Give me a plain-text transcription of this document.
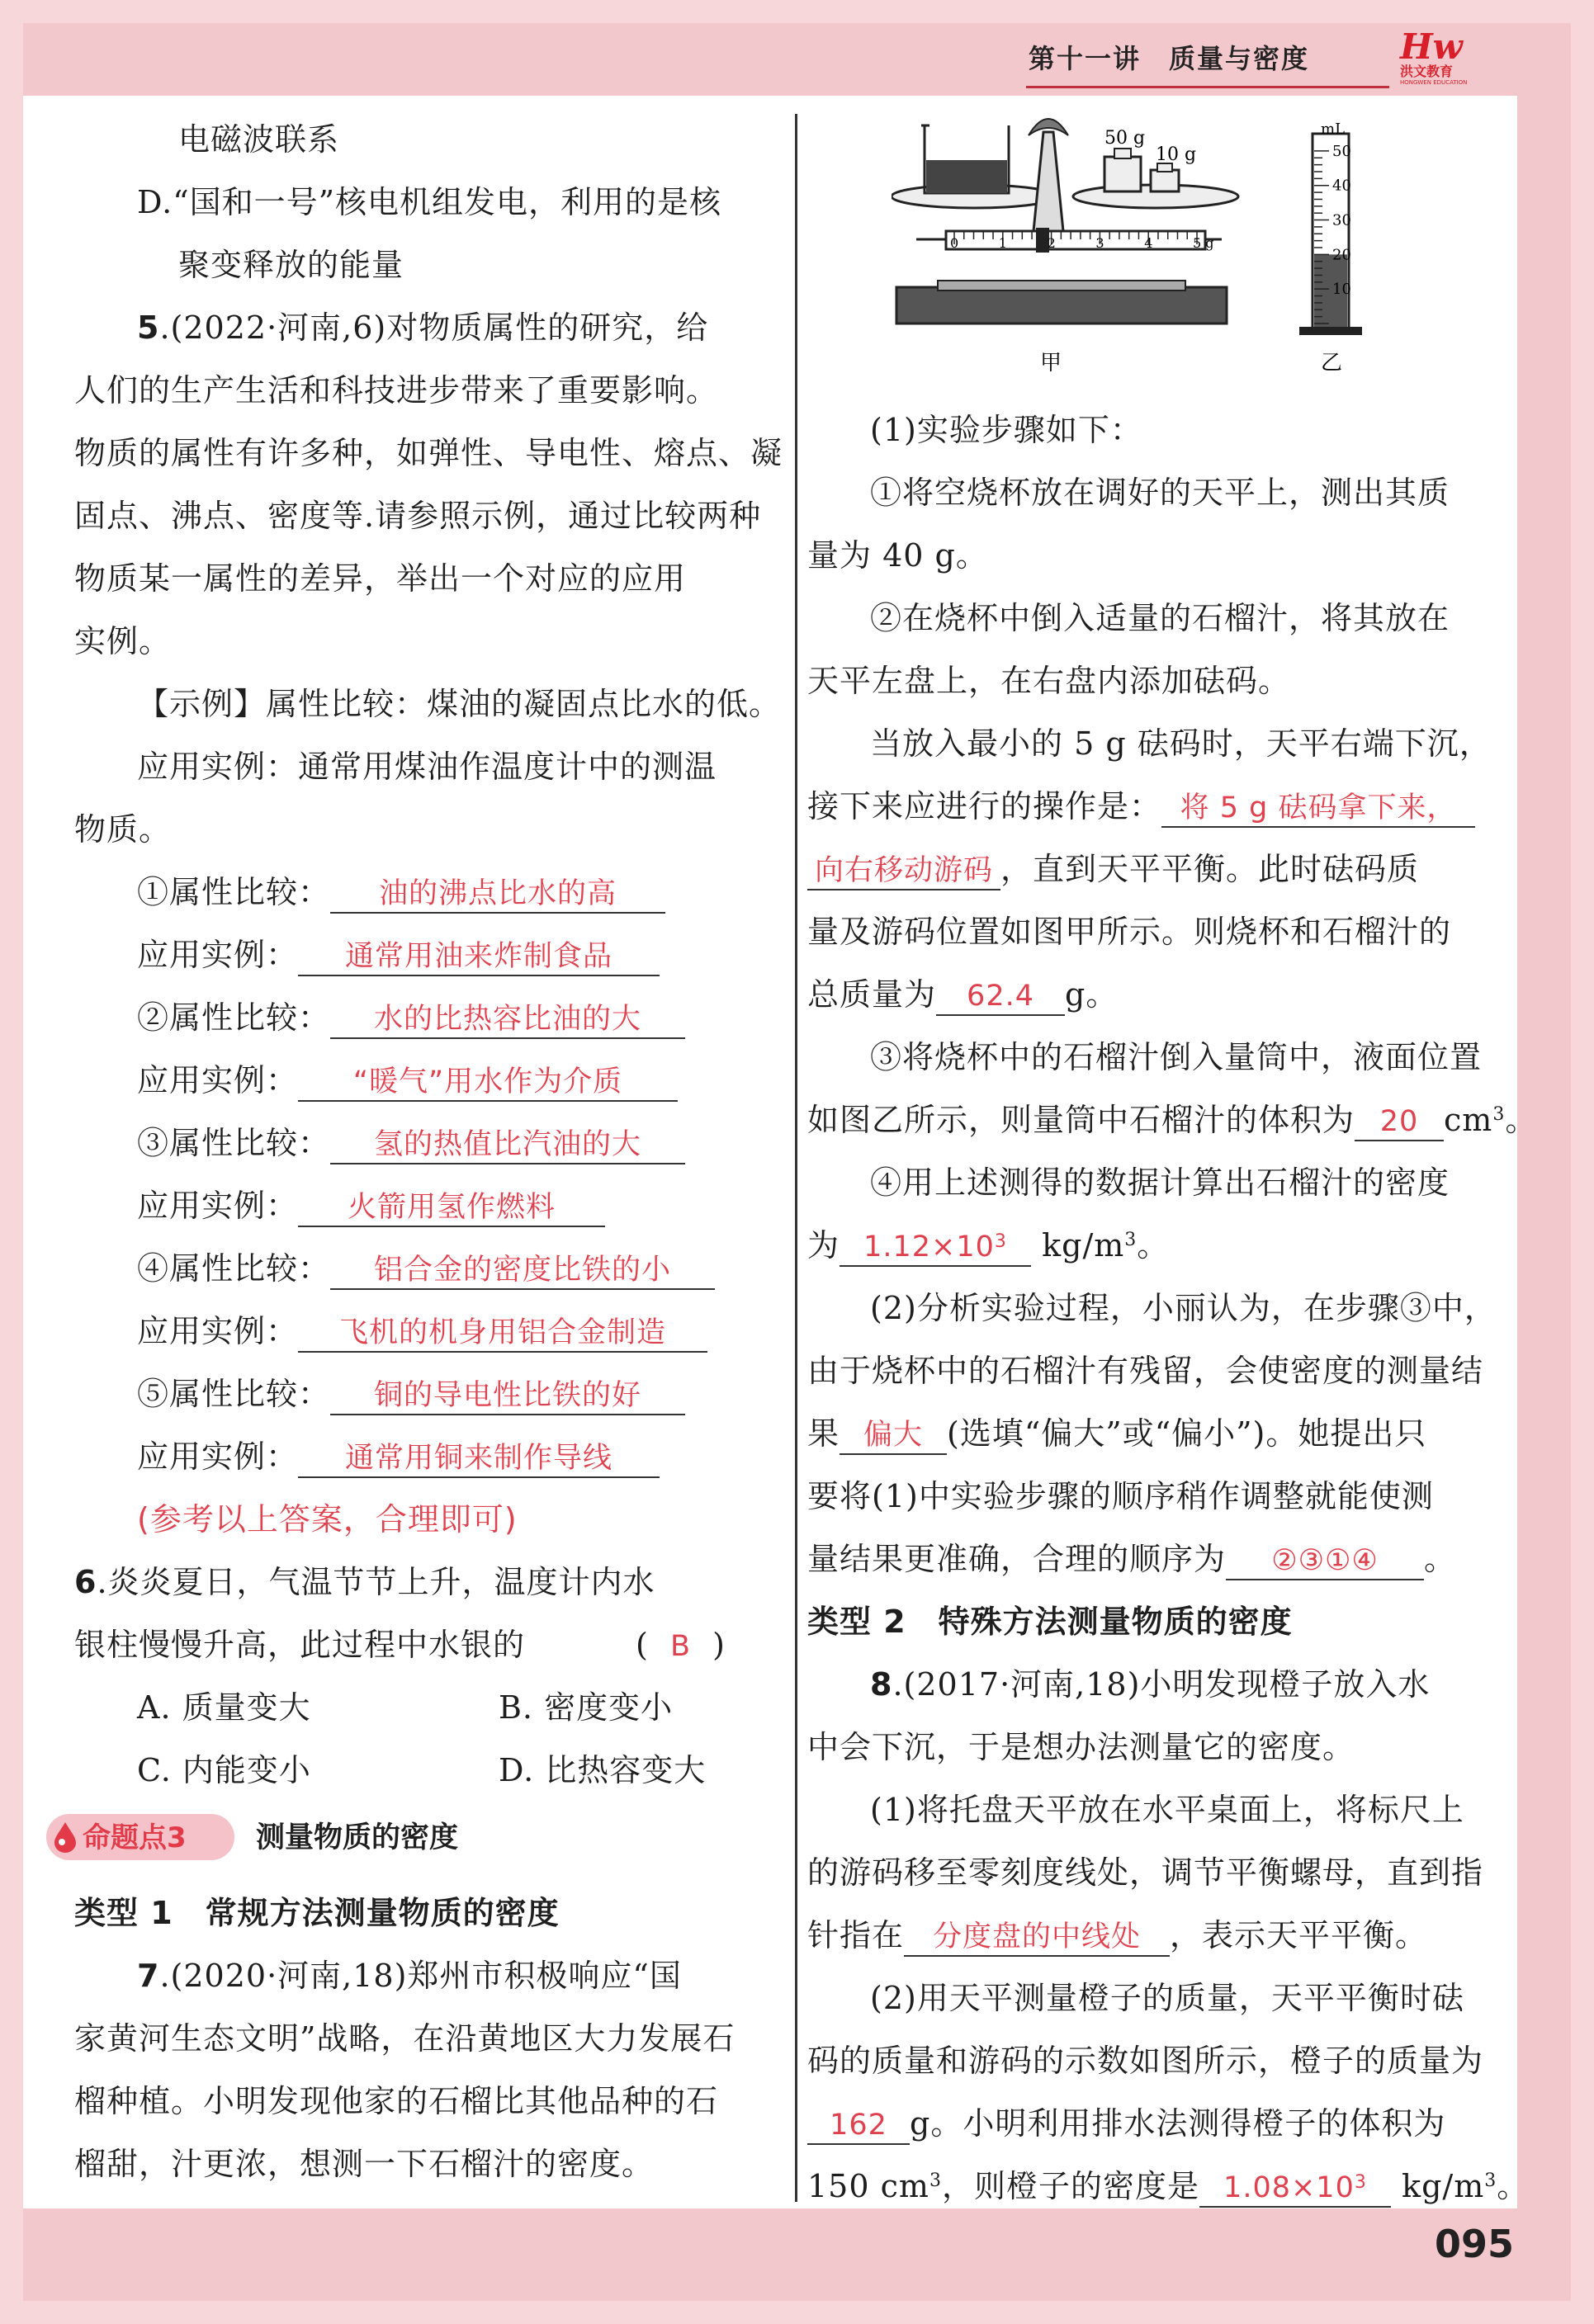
第十一讲　质量与密度	Hw
洪文教育
HONGWEN EDUCATION
095
电磁波联系
D.“国和一号”核电机组发电，利用的是核
聚变释放的能量
5.(2022·河南,6)对物质属性的研究，给
人们的生产生活和科技进步带来了重要影响。
物质的属性有许多种，如弹性、导电性、熔点、凝
固点、沸点、密度等.请参照示例，通过比较两种
物质某一属性的差异，举出一个对应的应用
实例。
【示例】属性比较：煤油的凝固点比水的低。
应用实例：通常用煤油作温度计中的测温
物质。
①属性比较： 油的沸点比水的高
应用实例： 通常用油来炸制食品
②属性比较： 水的比热容比油的大
应用实例： “暖气”用水作为介质
③属性比较： 氢的热值比汽油的大
应用实例： 火箭用氢作燃料
④属性比较： 铝合金的密度比铁的小
应用实例： 飞机的机身用铝合金制造
⑤属性比较： 铜的导电性比铁的好
应用实例： 通常用铜来制作导线
(参考以上答案，合理即可)
6.炎炎夏日，气温节节上升，温度计内水
银柱慢慢升高，此过程中水银的	(  B  )
A. 质量变大	B. 密度变小
C. 内能变小	D. 比热容变大
命题点3 测量物质的密度
类型 1　常规方法测量物质的密度
7.(2020·河南,18)郑州市积极响应“国
家黄河生态文明”战略，在沿黄地区大力发展石
榴种植。小明发现他家的石榴比其他品种的石
榴甜，汁更浓，想测一下石榴汁的密度。
50 g
10 g
0	1	2	3	4	5 g
甲
mL
50
40
30
20
10
乙
(1)实验步骤如下：
①将空烧杯放在调好的天平上，测出其质
量为 40 g。
②在烧杯中倒入适量的石榴汁，将其放在
天平左盘上，在右盘内添加砝码。
当放入最小的 5 g 砝码时，天平右端下沉，
接下来应进行的操作是： 将 5 g 砝码拿下来，
向右移动游码 ，直到天平平衡。此时砝码质
量及游码位置如图甲所示。则烧杯和石榴汁的
总质量为 62.4 g。
③将烧杯中的石榴汁倒入量筒中，液面位置
如图乙所示，则量筒中石榴汁的体积为 20 $cm^3$。
④用上述测得的数据计算出石榴汁的密度
为 $1.12\times 10^3$ $kg/m^3$。
(2)分析实验过程，小丽认为，在步骤③中，
由于烧杯中的石榴汁有残留，会使密度的测量结
果 偏大 (选填“偏大”或“偏小”)。她提出只
要将(1)中实验步骤的顺序稍作调整就能使测
量结果更准确，合理的顺序为 ②③①④ 。
类型 2　特殊方法测量物质的密度
8.(2017·河南,18)小明发现橙子放入水
中会下沉，于是想办法测量它的密度。
(1)将托盘天平放在水平桌面上，将标尺上
的游码移至零刻度线处，调节平衡螺母，直到指
针指在 分度盘的中线处 ，表示天平平衡。
(2)用天平测量橙子的质量，天平平衡时砝
码的质量和游码的示数如图所示，橙子的质量为
162 g。小明利用排水法测得橙子的体积为
150 $cm^3$，则橙子的密度是 $1.08\times 10^3$ $kg/m^3$。
